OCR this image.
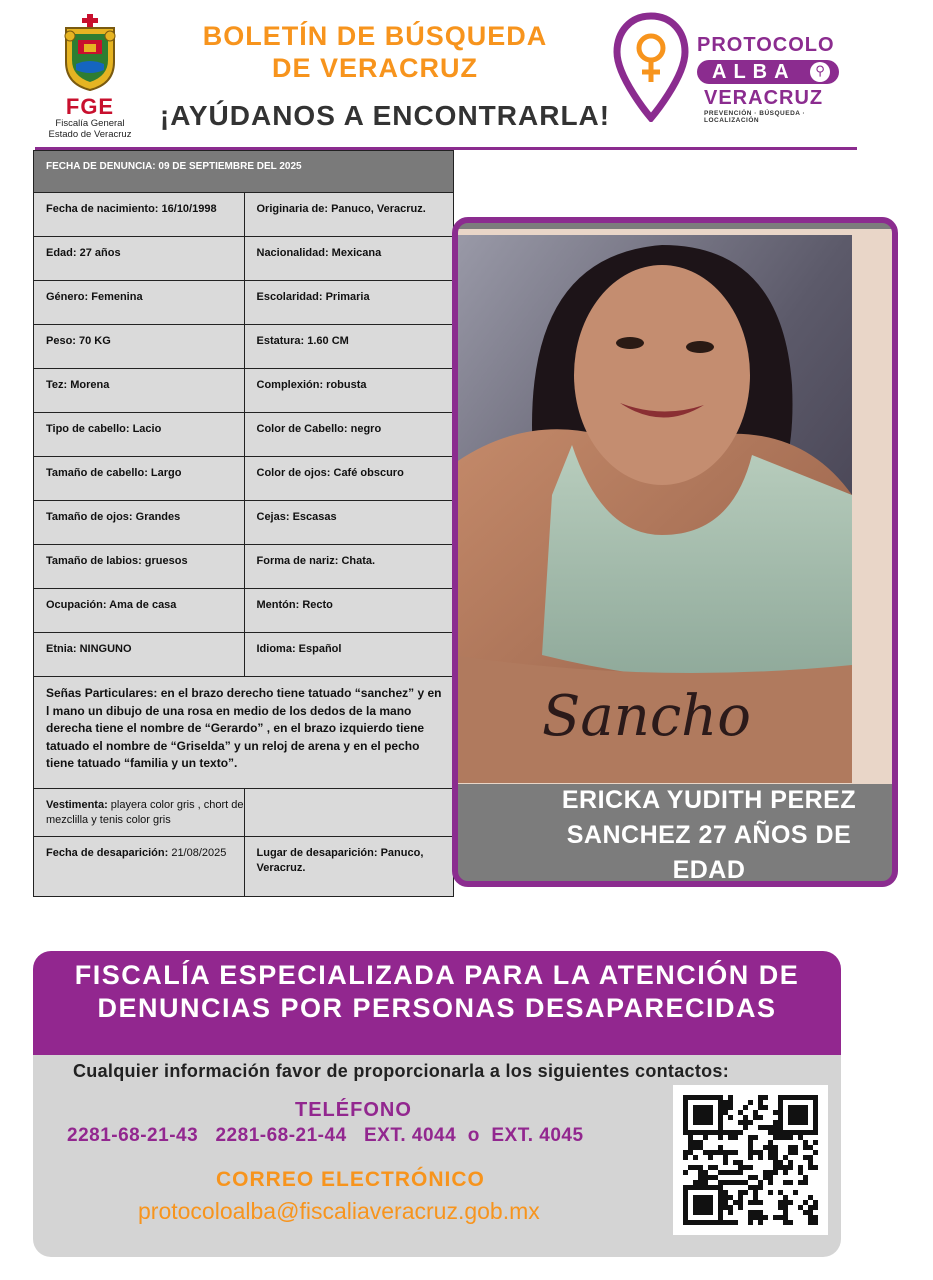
FGE
Fiscalía General
Estado de Veracruz
BOLETÍN DE BÚSQUEDA
DE VERACRUZ
¡AYÚDANOS A ENCONTRARLA!
PROTOCOLO
ALBA	⚲
VERACRUZ
PREVENCIÓN · BÚSQUEDA · LOCALIZACIÓN
FECHA DE DENUNCIA: 09 DE SEPTIEMBRE DEL 2025
Fecha de nacimiento: 16/10/1998	Originaria de: Panuco, Veracruz.
Edad: 27 años	Nacionalidad: Mexicana
Género: Femenina	Escolaridad: Primaria
Peso: 70 KG	Estatura: 1.60 CM
Tez: Morena	Complexión: robusta
Tipo de cabello: Lacio	Color de Cabello: negro
Tamaño de cabello: Largo	Color de ojos: Café obscuro
Tamaño de ojos: Grandes	Cejas: Escasas
Tamaño de labios: gruesos	Forma de nariz: Chata.
Ocupación: Ama de casa	Mentón: Recto
Etnia: NINGUNO	Idioma: Español
Señas Particulares: en el brazo derecho tiene tatuado “sanchez” y en l mano un dibujo de una rosa en medio de los dedos de la mano derecha tiene el nombre de “Gerardo” , en el brazo izquierdo tiene tatuado el nombre de “Griselda” y un reloj de arena y en el pecho tiene tatuado “familia y un texto”.
Vestimenta: playera color gris , chort de mezclilla y tenis color gris
Fecha de desaparición: 21/08/2025	Lugar de desaparición: Panuco, Veracruz.
Sancho
ERICKA YUDITH PEREZ
SANCHEZ 27 AÑOS DE
EDAD
FISCALÍA ESPECIALIZADA PARA LA ATENCIÓN DE
DENUNCIAS POR PERSONAS DESAPARECIDAS
Cualquier información favor de proporcionarla a los siguientes contactos:
TELÉFONO
2281-68-21-43   2281-68-21-44   EXT. 4044  o  EXT. 4045
CORREO ELECTRÓNICO
protocoloalba@fiscaliaveracruz.gob.mx
